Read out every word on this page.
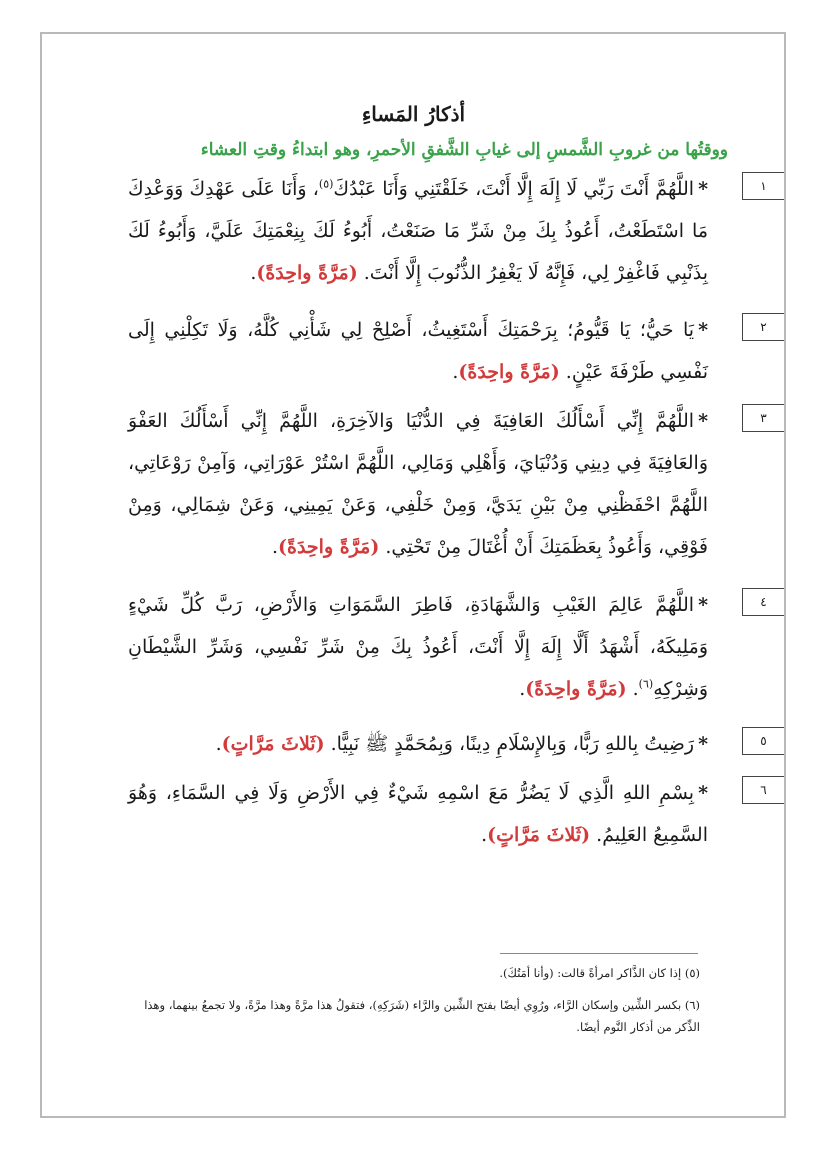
أذكارُ المَساءِ
ووقتُها من غروبِ الشَّمسِ إلى غيابِ الشَّفقِ الأحمرِ، وهو ابتداءُ وقتِ العشاء
١
*اللَّهُمَّ أَنْتَ رَبِّي لَا إِلَهَ إِلَّا أَنْتَ، خَلَقْتَنِي وَأَنَا عَبْدُكَ$^{(٥)}$، وَأَنَا عَلَى عَهْدِكَ وَوَعْدِكَ مَا اسْتَطَعْتُ، أَعُوذُ بِكَ مِنْ شَرِّ مَا صَنَعْتُ، أَبُوءُ لَكَ بِنِعْمَتِكَ عَلَيَّ، وَأَبُوءُ لَكَ بِذَنْبِي فَاغْفِرْ لِي، فَإِنَّهُ لَا يَغْفِرُ الذُّنُوبَ إِلَّا أَنْتَ. (مَرَّةً واحِدَةً).
٢
*يَا حَيُّ؛ يَا قَيُّومُ؛ بِرَحْمَتِكَ أَسْتَغِيثُ، أَصْلِحْ لِي شَأْنِي كُلَّهُ، وَلَا تَكِلْنِي إِلَى نَفْسِي طَرْفَةَ عَيْنٍ. (مَرَّةً واحِدَةً).
٣
*اللَّهُمَّ إِنِّي أَسْأَلُكَ العَافِيَةَ فِي الدُّنْيَا وَالآخِرَةِ، اللَّهُمَّ إِنِّي أَسْأَلُكَ العَفْوَ وَالعَافِيَةَ فِي دِينِي وَدُنْيَايَ، وَأَهْلِي وَمَالِي، اللَّهُمَّ اسْتُرْ عَوْرَاتِي، وَآمِنْ رَوْعَاتِي، اللَّهُمَّ احْفَظْنِي مِنْ بَيْنِ يَدَيَّ، وَمِنْ خَلْفِي، وَعَنْ يَمِينِي، وَعَنْ شِمَالِي، وَمِنْ فَوْقِي، وَأَعُوذُ بِعَظَمَتِكَ أَنْ أُغْتَالَ مِنْ تَحْتِي. (مَرَّةً واحِدَةً).
٤
*اللَّهُمَّ عَالِمَ الغَيْبِ وَالشَّهَادَةِ، فَاطِرَ السَّمَوَاتِ وَالأَرْضِ، رَبَّ كُلِّ شَيْءٍ وَمَلِيكَهُ، أَشْهَدُ أَلَّا إِلَهَ إِلَّا أَنْتَ، أَعُوذُ بِكَ مِنْ شَرِّ نَفْسِي، وَشَرِّ الشَّيْطَانِ وَشِرْكِهِ$^{(٦)}$. (مَرَّةً واحِدَةً).
٥
*رَضِيتُ بِاللهِ رَبًّا، وَبِالإِسْلَامِ دِينًا، وَبِمُحَمَّدٍ ﷺ نَبِيًّا. (ثَلاثَ مَرَّاتٍ).
٦
*بِسْمِ اللهِ الَّذِي لَا يَضُرُّ مَعَ اسْمِهِ شَيْءٌ فِي الأَرْضِ وَلَا فِي السَّمَاءِ، وَهُوَ السَّمِيعُ العَلِيمُ. (ثَلاثَ مَرَّاتٍ).
(٥) إذا كان الذَّاكر امرأةً قالت: (وأنا أمَتُكَ).
(٦) بكسر الشِّين وإسكان الرَّاء، ورُوِي أيضًا بفتح الشِّين والرَّاء (شَرَكِهِ)، فتقولُ هذا مرَّةً وهذا مرَّةً، ولا تجمعُ بينهما، وهذا الذِّكر من أذكار النَّوم أيضًا.
